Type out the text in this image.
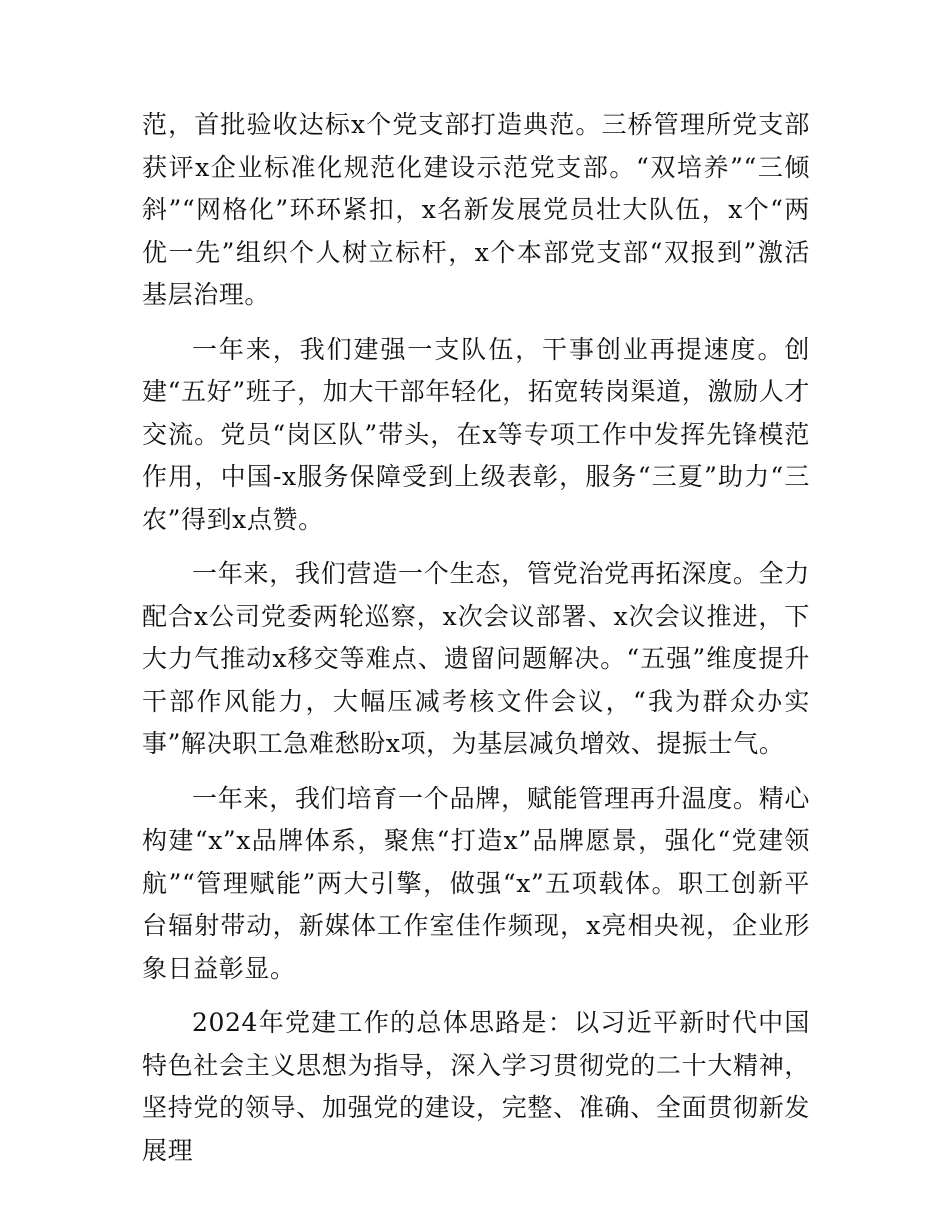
范，首批验收达标x个党支部打造典范。三桥管理所党支部获评x企业标准化规范化建设示范党支部。“双培养”“三倾斜”“网格化”环环紧扣，x名新发展党员壮大队伍，x个“两优一先”组织个人树立标杆，x个本部党支部“双报到”激活基层治理。

一年来，我们建强一支队伍，干事创业再提速度。创建“五好”班子，加大干部年轻化，拓宽转岗渠道，激励人才交流。党员“岗区队”带头，在x等专项工作中发挥先锋模范作用，中国-x服务保障受到上级表彰，服务“三夏”助力“三农”得到x点赞。

一年来，我们营造一个生态，管党治党再拓深度。全力配合x公司党委两轮巡察，x次会议部署、x次会议推进，下大力气推动x移交等难点、遗留问题解决。“五强”维度提升干部作风能力，大幅压减考核文件会议，“我为群众办实事”解决职工急难愁盼x项，为基层减负增效、提振士气。

一年来，我们培育一个品牌，赋能管理再升温度。精心构建“x”x品牌体系，聚焦“打造x”品牌愿景，强化“党建领航”“管理赋能”两大引擎，做强“x”五项载体。职工创新平台辐射带动，新媒体工作室佳作频现，x亮相央视，企业形象日益彰显。

2024年党建工作的总体思路是：以习近平新时代中国特色社会主义思想为指导，深入学习贯彻党的二十大精神，坚持党的领导、加强党的建设，完整、准确、全面贯彻新发展理
